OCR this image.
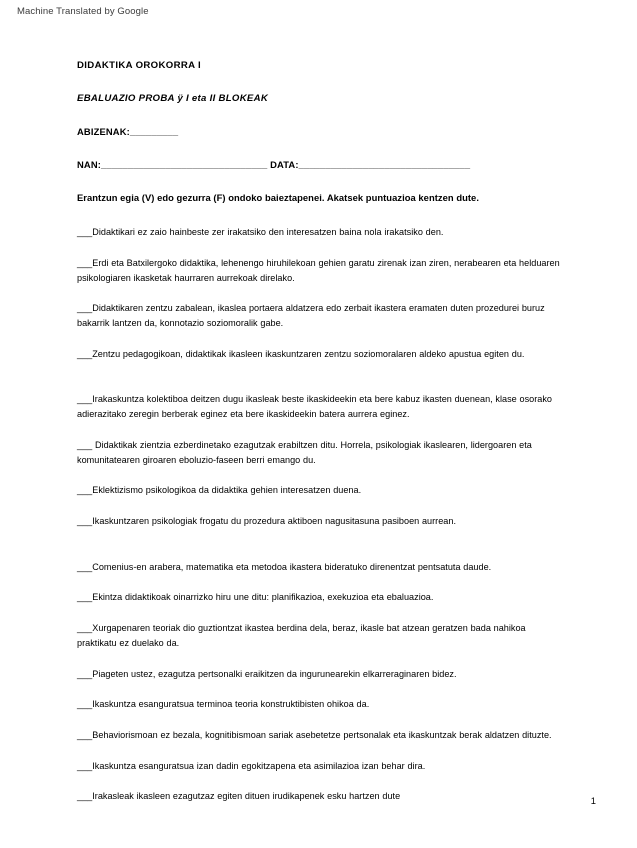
Machine Translated by Google

DIDAKTIKA OROKORRA I

EBALUAZIO PROBA ÿ I eta II BLOKEAK

ABIZENAK:_________

NAN:_______________________________ DATA:________________________________

Erantzun egia (V) edo gezurra (F) ondoko baieztapenei. Akatsek puntuazioa kentzen dute.

___Didaktikari ez zaio hainbeste zer irakatsiko den interesatzen baina nola irakatsiko den.

___Erdi eta Batxilergoko didaktika, lehenengo hiruhilekoan gehien garatu zirenak izan ziren, nerabearen eta helduaren psikologiaren ikasketak haurraren aurrekoak direlako.

___Didaktikaren zentzu zabalean, ikaslea portaera aldatzera edo zerbait ikastera eramaten duten prozedurei buruz bakarrik lantzen da, konnotazio soziomoralik gabe.

___Zentzu pedagogikoan, didaktikak ikasleen ikaskuntzaren zentzu soziomoralaren aldeko apustua egiten du.

___Irakaskuntza kolektiboa deitzen dugu ikasleak beste ikaskideekin eta bere kabuz ikasten duenean, klase osorako adierazitako zeregin berberak eginez eta bere ikaskideekin batera aurrera eginez.

___ Didaktikak zientzia ezberdinetako ezagutzak erabiltzen ditu. Horrela, psikologiak ikaslearen, lidergoaren eta komunitatearen giroaren eboluzio-faseen berri emango du.

___Eklektizismo psikologikoa da didaktika gehien interesatzen duena.

___Ikaskuntzaren psikologiak frogatu du prozedura aktiboen nagusitasuna pasiboen aurrean.

___Comenius-en arabera, matematika eta metodoa ikastera bideratuko direnentzat pentsatuta daude.

___Ekintza didaktikoak oinarrizko hiru une ditu: planifikazioa, exekuzioa eta ebaluazioa.

___Xurgapenaren teoriak dio guztiontzat ikastea berdina dela, beraz, ikasle bat atzean geratzen bada nahikoa praktikatu ez duelako da.

___Piageten ustez, ezagutza pertsonalki eraikitzen da ingurunearekin elkarreraginaren bidez.

___Ikaskuntza esanguratsua terminoa teoria konstruktibisten ohikoa da.

___Behaviorismoan ez bezala, kognitibismoan sariak asebetetze pertsonalak eta ikaskuntzak berak aldatzen dituzte.

___Ikaskuntza esanguratsua izan dadin egokitzapena eta asimilazioa izan behar dira.

___Irakasleak ikasleen ezagutzaz egiten dituen irudikapenek esku hartzen dute	1
